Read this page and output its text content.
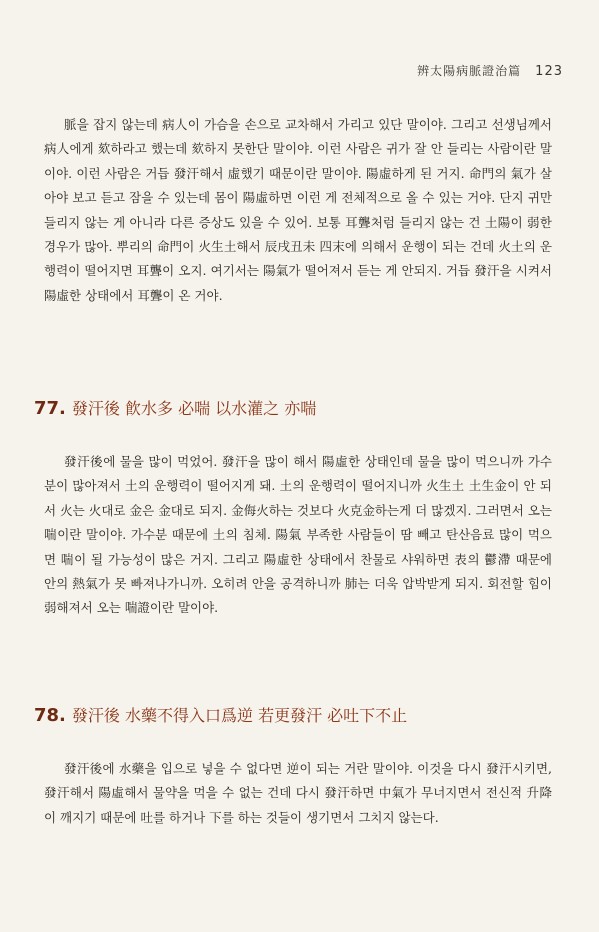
辨太陽病脈證治篇 123

脈을 잡지 않는데 病人이 가슴을 손으로 교차해서 가리고 있단 말이야. 그리고 선생님께서 病人에게 欬하라고 했는데 欬하지 못한단 말이야. 이런 사람은 귀가 잘 안 들리는 사람이란 말이야. 이런 사람은 거듭 發汗해서 虛했기 때문이란 말이야. 陽虛하게 된 거지. 命門의 氣가 살아야 보고 듣고 잠을 수 있는데 몸이 陽虛하면 이런 게 전체적으로 올 수 있는 거야. 단지 귀만 들리지 않는 게 아니라 다른 증상도 있을 수 있어. 보통 耳聾처럼 들리지 않는 건 土陽이 弱한 경우가 많아. 뿌리의 命門이 火生土해서 辰戌丑未 四末에 의해서 운행이 되는 건데 火土의 운행력이 떨어지면 耳聾이 오지. 여기서는 陽氣가 떨어져서 듣는 게 안되지. 거듭 發汗을 시켜서 陽虛한 상태에서 耳聾이 온 거야.

77. 發汗後 飮水多 必喘 以水灌之 亦喘

發汗後에 물을 많이 먹었어. 發汗을 많이 해서 陽虛한 상태인데 물을 많이 먹으니까 가수분이 많아져서 土의 운행력이 떨어지게 돼. 土의 운행력이 떨어지니까 火生土 土生金이 안 되서 火는 火대로 金은 金대로 되지. 金侮火하는 것보다 火克金하는게 더 많겠지. 그러면서 오는 喘이란 말이야. 가수분 때문에 土의 침체. 陽氣 부족한 사람들이 땀 빼고 탄산음료 많이 먹으면 喘이 될 가능성이 많은 거지. 그리고 陽虛한 상태에서 찬물로 샤워하면 表의 鬱滯 때문에 안의 熱氣가 못 빠져나가니까. 오히려 안을 공격하니까 肺는 더욱 압박받게 되지. 회전할 힘이 弱해져서 오는 喘證이란 말이야.

78. 發汗後 水藥不得入口爲逆 若更發汗 必吐下不止

發汗後에 水藥을 입으로 넣을 수 없다면 逆이 되는 거란 말이야. 이것을 다시 發汗시키면, 發汗해서 陽虛해서 물약을 먹을 수 없는 건데 다시 發汗하면 中氣가 무너지면서 전신적 升降이 깨지기 때문에 吐를 하거나 下를 하는 것들이 생기면서 그치지 않는다.
